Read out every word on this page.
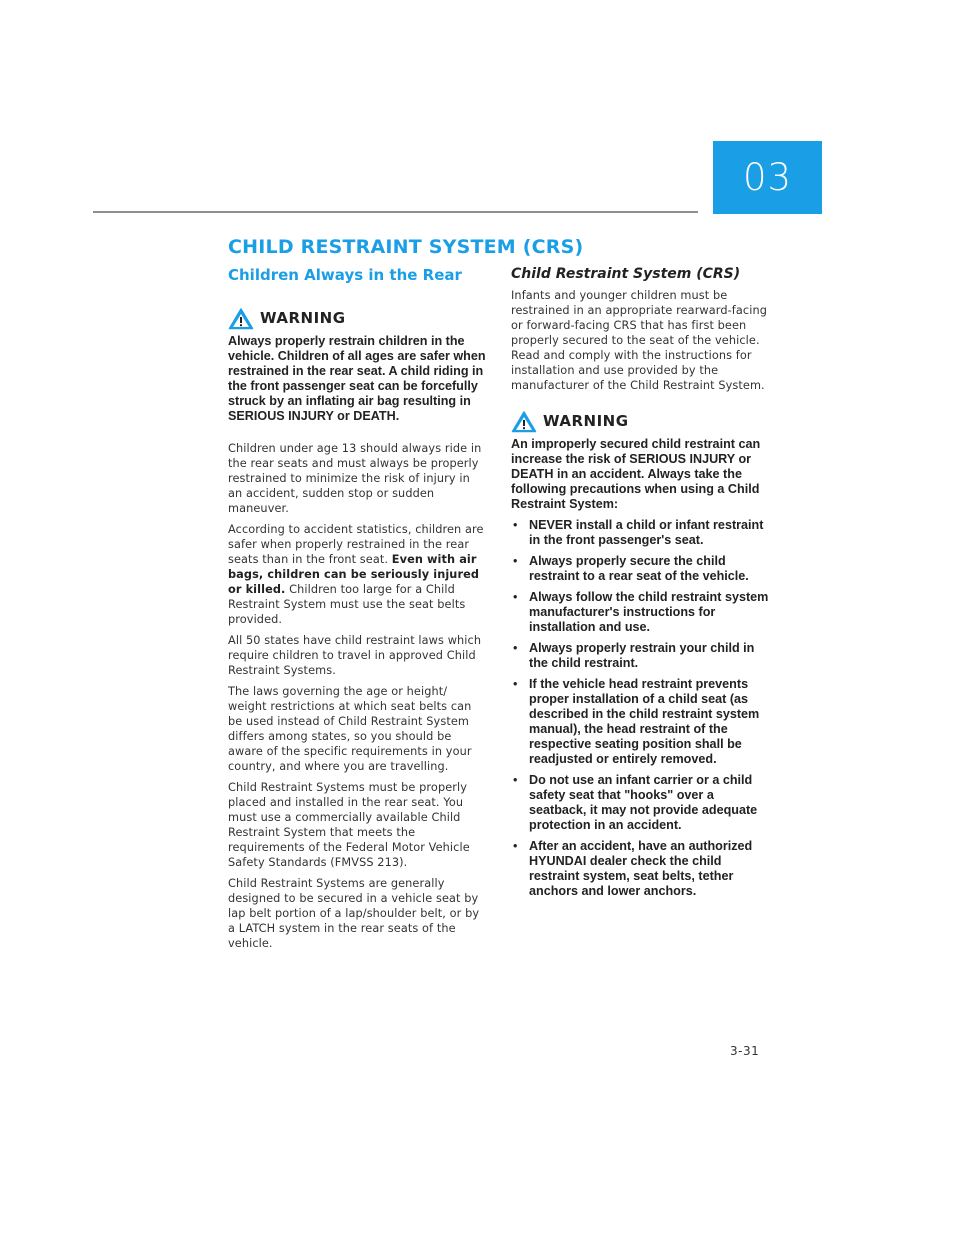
03
CHILD RESTRAINT SYSTEM (CRS)
Children Always in the Rear
WARNING
Always properly restrain children in the vehicle. Children of all ages are safer when restrained in the rear seat. A child riding in the front passenger seat can be forcefully struck by an inflating air bag resulting in SERIOUS INJURY or DEATH.

Children under age 13 should always ride in the rear seats and must always be properly restrained to minimize the risk of injury in an accident, sudden stop or sudden maneuver.

According to accident statistics, children are safer when properly restrained in the rear seats than in the front seat. Even with air bags, children can be seriously injured or killed. Children too large for a Child Restraint System must use the seat belts provided.

All 50 states have child restraint laws which require children to travel in approved Child Restraint Systems.

The laws governing the age or height/ weight restrictions at which seat belts can be used instead of Child Restraint System differs among states, so you should be aware of the specific requirements in your country, and where you are travelling.

Child Restraint Systems must be properly placed and installed in the rear seat. You must use a commercially available Child Restraint System that meets the requirements of the Federal Motor Vehicle Safety Standards (FMVSS 213).

Child Restraint Systems are generally designed to be secured in a vehicle seat by lap belt portion of a lap/shoulder belt, or by a LATCH system in the rear seats of the vehicle.

Child Restraint System (CRS)

Infants and younger children must be restrained in an appropriate rearward-facing or forward-facing CRS that has first been properly secured to the seat of the vehicle. Read and comply with the instructions for installation and use provided by the manufacturer of the Child Restraint System.

WARNING
An improperly secured child restraint can increase the risk of SERIOUS INJURY or DEATH in an accident. Always take the following precautions when using a Child Restraint System:
• NEVER install a child or infant restraint in the front passenger's seat.
• Always properly secure the child restraint to a rear seat of the vehicle.
• Always follow the child restraint system manufacturer's instructions for installation and use.
• Always properly restrain your child in the child restraint.
• If the vehicle head restraint prevents proper installation of a child seat (as described in the child restraint system manual), the head restraint of the respective seating position shall be readjusted or entirely removed.
• Do not use an infant carrier or a child safety seat that "hooks" over a seatback, it may not provide adequate protection in an accident.
• After an accident, have an authorized HYUNDAI dealer check the child restraint system, seat belts, tether anchors and lower anchors.
3-31
